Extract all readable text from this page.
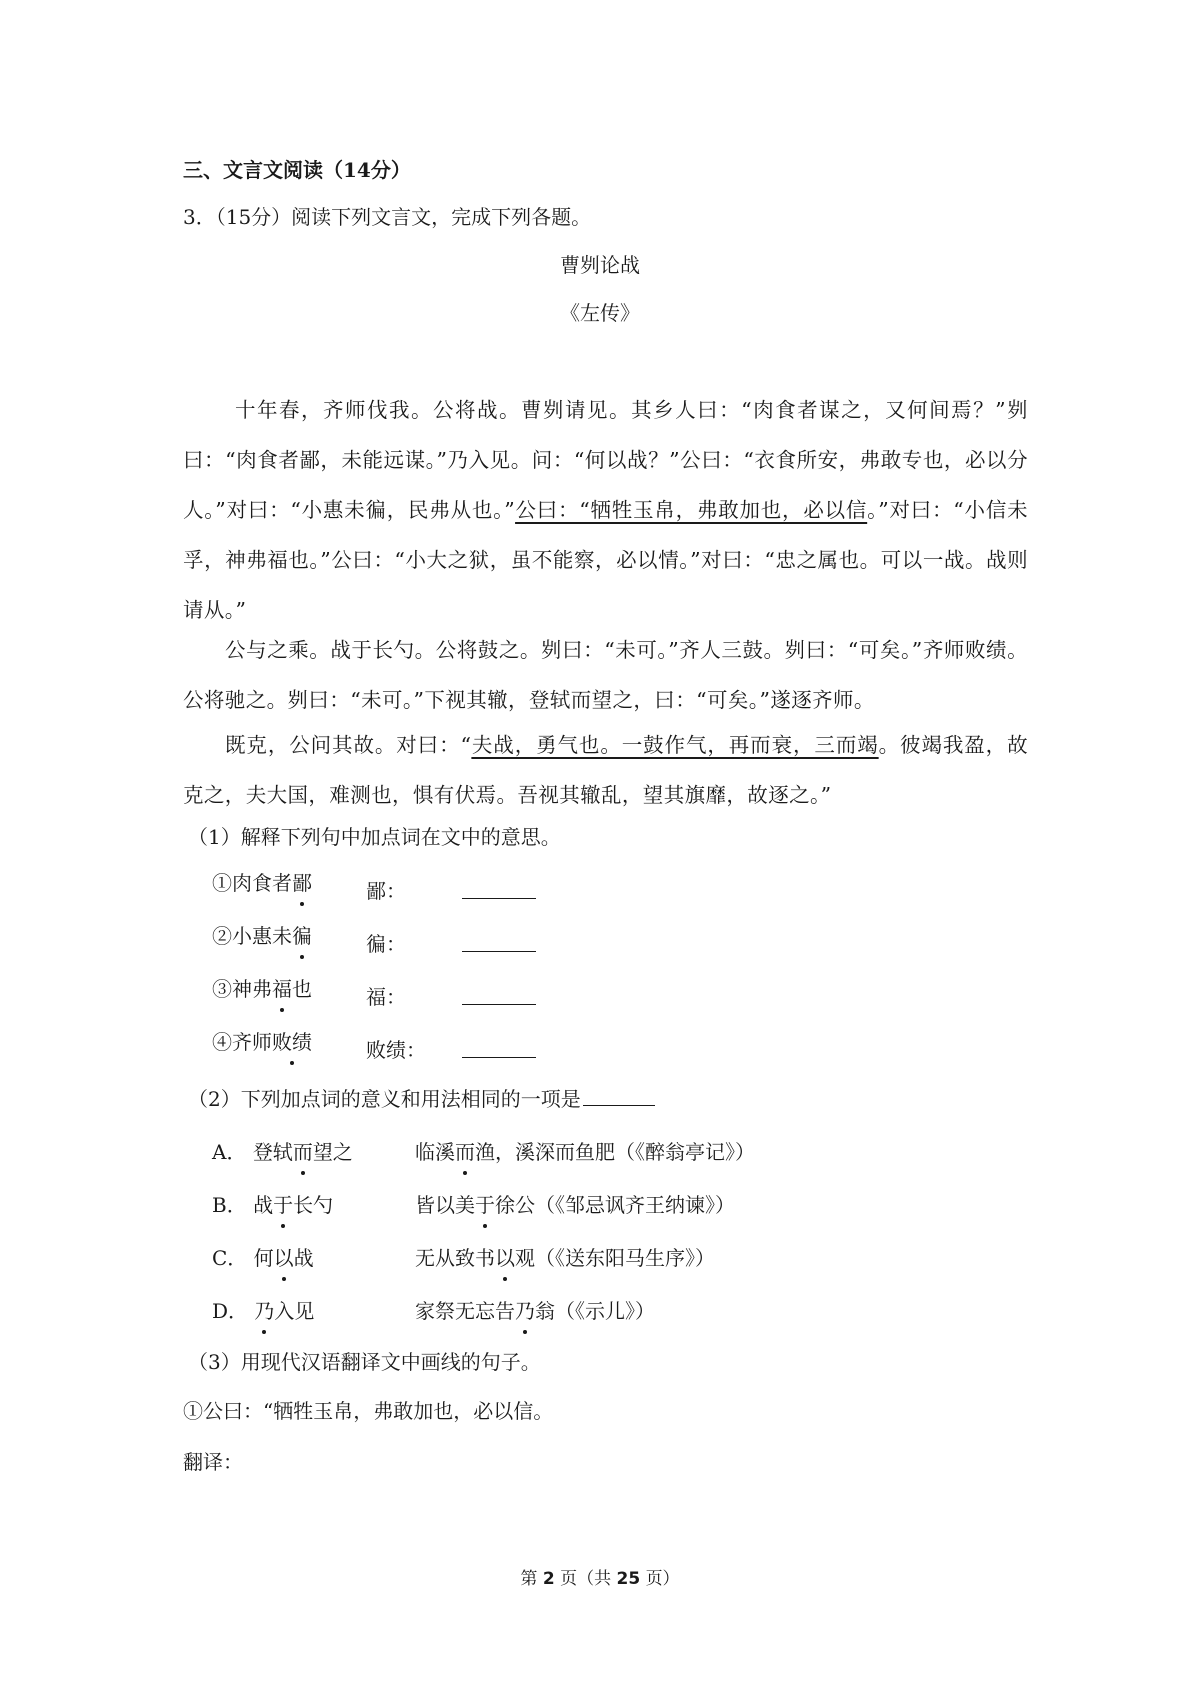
三、文言文阅读（14分）
3．（15分）阅读下列文言文，完成下列各题。
曹刿论战
《左传》
十年春，齐师伐我。公将战。曹刿请见。其乡人曰：“肉食者谋之，又何间焉？”刿曰：“肉食者鄙，未能远谋。”乃入见。问：“何以战？”公曰：“衣食所安，弗敢专也，必以分人。”对曰：“小惠未徧，民弗从也。”公曰：“牺牲玉帛，弗敢加也，必以信。”对曰：“小信未孚，神弗福也。”公曰：“小大之狱，虽不能察，必以情。”对曰：“忠之属也。可以一战。战则请从。”
公与之乘。战于长勺。公将鼓之。刿曰：“未可。”齐人三鼓。刿曰：“可矣。”齐师败绩。公将驰之。刿曰：“未可。”下视其辙，登轼而望之，曰：“可矣。”遂逐齐师。
既克，公问其故。对曰：“夫战，勇气也。一鼓作气，再而衰，三而竭。彼竭我盈，故克之，夫大国，难测也，惧有伏焉。吾视其辙乱，望其旗靡，故逐之。”
（1）解释下列句中加点词在文中的意思。
①肉食者鄙	鄙：
②小惠未徧	徧：
③神弗福也	福：
④齐师败绩	败绩：
（2）下列加点词的意义和用法相同的一项是
A． 登轼而望之	临溪而渔，溪深而鱼肥（《醉翁亭记》）
B． 战于长勺	皆以美于徐公（《邹忌讽齐王纳谏》）
C． 何以战	无从致书以观（《送东阳马生序》）
D． 乃入见	家祭无忘告乃翁（《示儿》）
（3）用现代汉语翻译文中画线的句子。
①公曰：“牺牲玉帛，弗敢加也，必以信。
翻译：
第 2 页（共 25 页）
